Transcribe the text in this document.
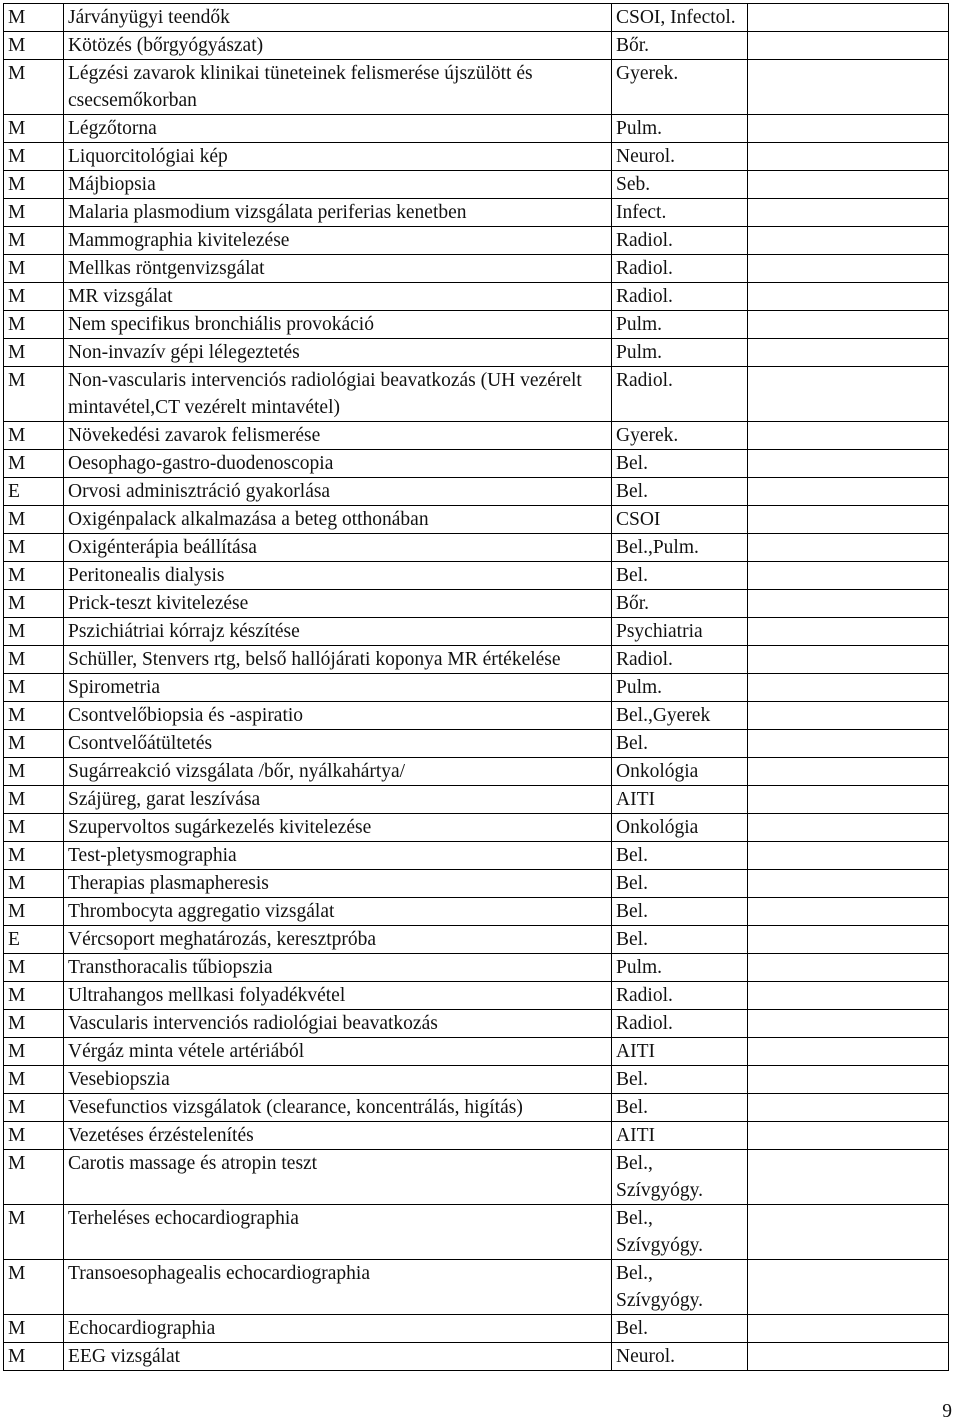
M	Járványügyi teendők	CSOI, Infectol.	
M	Kötözés (bőrgyógyászat)	Bőr.	
M	Légzési zavarok klinikai tüneteinek felismerése újszülött és csecsemőkorban	Gyerek.	
M	Légzőtorna	Pulm.	
M	Liquorcitológiai kép	Neurol.	
M	Májbiopsia	Seb.	
M	Malaria plasmodium vizsgálata periferias kenetben	Infect.	
M	Mammographia kivitelezése	Radiol.	
M	Mellkas röntgenvizsgálat	Radiol.	
M	MR vizsgálat	Radiol.	
M	Nem specifikus bronchiális provokáció	Pulm.	
M	Non-invazív gépi lélegeztetés	Pulm.	
M	Non-vascularis intervenciós radiológiai beavatkozás (UH vezérelt mintavétel,CT vezérelt mintavétel)	Radiol.	
M	Növekedési zavarok felismerése	Gyerek.	
M	Oesophago-gastro-duodenoscopia	Bel.	
E	Orvosi adminisztráció gyakorlása	Bel.	
M	Oxigénpalack alkalmazása a beteg otthonában	CSOI	
M	Oxigénterápia beállítása	Bel.,Pulm.	
M	Peritonealis dialysis	Bel.	
M	Prick-teszt kivitelezése	Bőr.	
M	Pszichiátriai kórrajz készítése	Psychiatria	
M	Schüller, Stenvers rtg, belső hallójárati koponya MR értékelése	Radiol.	
M	Spirometria	Pulm.	
M	Csontvelőbiopsia és -aspiratio	Bel.,Gyerek	
M	Csontvelőátültetés	Bel.	
M	Sugárreakció vizsgálata /bőr, nyálkahártya/	Onkológia	
M	Szájüreg, garat leszívása	AITI	
M	Szupervoltos sugárkezelés kivitelezése	Onkológia	
M	Test-pletysmographia	Bel.	
M	Therapias plasmapheresis	Bel.	
M	Thrombocyta aggregatio vizsgálat	Bel.	
E	Vércsoport meghatározás, keresztpróba	Bel.	
M	Transthoracalis tűbiopszia	Pulm.	
M	Ultrahangos mellkasi folyadékvétel	Radiol.	
M	Vascularis intervenciós radiológiai beavatkozás	Radiol.	
M	Vérgáz minta vétele artériából	AITI	
M	Vesebiopszia	Bel.	
M	Vesefunctios vizsgálatok (clearance, koncentrálás, higítás)	Bel.	
M	Vezetéses érzéstelenítés	AITI	
M	Carotis massage és atropin teszt	Bel., Szívgyógy.	
M	Terheléses echocardiographia	Bel., Szívgyógy.	
M	Transoesophagealis echocardiographia	Bel., Szívgyógy.	
M	Echocardiographia	Bel.	
M	EEG vizsgálat	Neurol.	
9
